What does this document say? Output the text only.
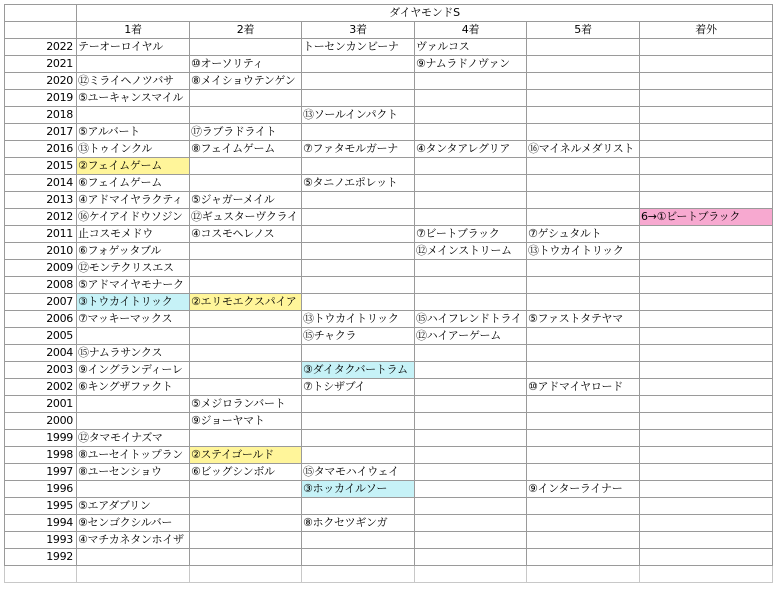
	ダイヤモンドS					
	1着	2着	3着	4着	5着	着外
2022	テーオーロイヤル		トーセンカンビーナ	ヴァルコス		
2021		⑩オーソリティ		⑨ナムラドノヴァン		
2020	⑫ミライヘノツバサ	⑧メイショウテンゲン				
2019	⑤ユーキャンスマイル					
2018			⑬ソールインパクト			
2017	⑤アルバート	⑰ラブラドライト				
2016	⑬トゥインクル	⑧フェイムゲーム	⑦ファタモルガーナ	④タンタアレグリア	⑯マイネルメダリスト	
2015	②フェイムゲーム					
2014	⑥フェイムゲーム		⑤タニノエポレット			
2013	④アドマイヤラクティ	⑤ジャガーメイル				
2012	⑯ケイアイドウソジン	⑫ギュスターヴクライ				6→①ビートブラック
2011	止コスモメドウ	④コスモヘレノス		⑦ビートブラック	⑦ゲシュタルト	
2010	⑥フォゲッタブル			⑫メインストリーム	⑬トウカイトリック	
2009	⑫モンテクリスエス					
2008	⑤アドマイヤモナーク					
2007	③トウカイトリック	②エリモエクスパイア				
2006	⑦マッキーマックス		⑬トウカイトリック	⑮ハイフレンドトライ	⑤ファストタテヤマ	
2005			⑮チャクラ	⑫ハイアーゲーム		
2004	⑮ナムラサンクス					
2003	⑨イングランディーレ		③ダイタクバートラム			
2002	⑥キングザファクト		⑦トシザブイ		⑩アドマイヤロード	
2001		⑤メジロランバート				
2000		⑨ジョーヤマト				
1999	⑫タマモイナズマ					
1998	⑧ユーセイトップラン	②ステイゴールド				
1997	⑧ユーセンショウ	⑥ビッグシンボル	⑮タマモハイウェイ			
1996			③ホッカイルソー		⑨インターライナー	
1995	⑤エアダブリン					
1994	⑨センゴクシルバー		⑧ホクセツギンガ			
1993	④マチカネタンホイザ					
1992						
